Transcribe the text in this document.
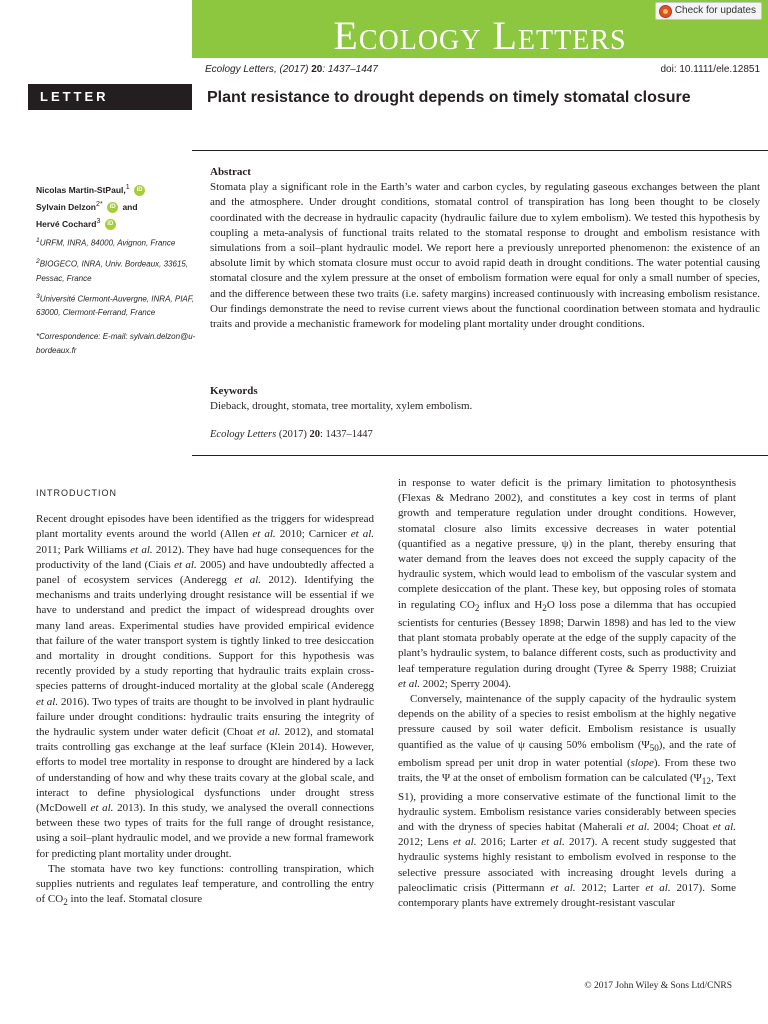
Ecology Letters
Check for updates
Ecology Letters, (2017) 20: 1437–1447	doi: 10.1111/ele.12851
LETTER	Plant resistance to drought depends on timely stomatal closure
Nicolas Martin-StPaul,$^1$ iD
Sylvain Delzon$^{2*}$ iD and
Hervé Cochard$^3$ iD
$^1$URFM, INRA, 84000, Avignon, France
$^2$BIOGECO, INRA, Univ. Bordeaux, 33615, Pessac, France
$^3$Université Clermont-Auvergne, INRA, PIAF, 63000, Clermont-Ferrand, France
*Correspondence: E-mail: sylvain.delzon@u-bordeaux.fr
Abstract
Stomata play a significant role in the Earth’s water and carbon cycles, by regulating gaseous exchanges between the plant and the atmosphere. Under drought conditions, stomatal control of transpiration has long been thought to be closely coordinated with the decrease in hydraulic capacity (hydraulic failure due to xylem embolism). We tested this hypothesis by coupling a meta-analysis of functional traits related to the stomatal response to drought and embolism resistance with simulations from a soil–plant hydraulic model. We report here a previously unreported phenomenon: the existence of an absolute limit by which stomata closure must occur to avoid rapid death in drought conditions. The water potential causing stomatal closure and the xylem pressure at the onset of embolism formation were equal for only a small number of species, and the difference between these two traits (i.e. safety margins) increased continuously with increasing embolism resistance. Our findings demonstrate the need to revise current views about the functional coordination between stomata and hydraulic traits and provide a mechanistic framework for modeling plant mortality under drought conditions.
Keywords
Dieback, drought, stomata, tree mortality, xylem embolism.
Ecology Letters (2017) 20: 1437–1447
INTRODUCTION

Recent drought episodes have been identified as the triggers for widespread plant mortality events around the world (Allen et al. 2010; Carnicer et al. 2011; Park Williams et al. 2012). They have had huge consequences for the productivity of the land (Ciais et al. 2005) and have undoubtedly affected a panel of ecosystem services (Anderegg et al. 2012). Identifying the mechanisms and traits underlying drought resistance will be essential if we have to understand and predict the impact of widespread droughts over many land areas. Experimental studies have provided empirical evidence that failure of the water transport system is tightly linked to tree desiccation and mortality in drought conditions. Support for this hypothesis was recently provided by a study reporting that hydraulic traits explain cross-species patterns of drought-induced mortality at the global scale (Anderegg et al. 2016). Two types of traits are thought to be involved in plant hydraulic failure under drought conditions: hydraulic traits ensuring the integrity of the hydraulic system under water deficit (Choat et al. 2012), and stomatal traits controlling gas exchange at the leaf surface (Klein 2014). However, efforts to model tree mortality in response to drought are hindered by a lack of understanding of how and why these traits covary at the global scale, and interact to define physiological dysfunctions under drought stress (McDowell et al. 2013). In this study, we analysed the overall connections between these two types of traits for the full range of drought resistance, using a soil–plant hydraulic model, and we provide a new formal framework for predicting plant mortality under drought.

The stomata have two key functions: controlling transpiration, which supplies nutrients and regulates leaf temperature, and controlling the entry of $CO_2$ into the leaf. Stomatal closure

in response to water deficit is the primary limitation to photosynthesis (Flexas & Medrano 2002), and constitutes a key cost in terms of plant growth and temperature regulation under drought conditions. However, stomatal closure also limits excessive decreases in water potential (quantified as a negative pressure, ψ) in the plant, thereby ensuring that water demand from the leaves does not exceed the supply capacity of the hydraulic system, which would lead to embolism of the vascular system and complete desiccation of the plant. These key, but opposing roles of stomata in regulating $CO_2$ influx and $H_2O$ loss pose a dilemma that has occupied scientists for centuries (Bessey 1898; Darwin 1898) and has led to the view that plant stomata probably operate at the edge of the supply capacity of the plant’s hydraulic system, to balance different costs, such as productivity and leaf temperature regulation during drought (Tyree & Sperry 1988; Cruiziat et al. 2002; Sperry 2004).

Conversely, maintenance of the supply capacity of the hydraulic system depends on the ability of a species to resist embolism at the highly negative pressure caused by soil water deficit. Embolism resistance is usually quantified as the value of ψ causing 50% embolism $(\Psi_{50})$, and the rate of embolism spread per unit drop in water potential (slope). From these two traits, the Ψ at the onset of embolism formation can be calculated ($\Psi_{12}$, Text S1), providing a more conservative estimate of the functional limit to the hydraulic system. Embolism resistance varies considerably between species and with the dryness of species habitat (Maherali et al. 2004; Choat et al. 2012; Lens et al. 2016; Larter et al. 2017). A recent study suggested that hydraulic systems highly resistant to embolism evolved in response to the selective pressure associated with increasing drought levels during a paleoclimatic crisis (Pittermann et al. 2012; Larter et al. 2017). Some contemporary plants have extremely drought-resistant vascular

© 2017 John Wiley & Sons Ltd/CNRS
